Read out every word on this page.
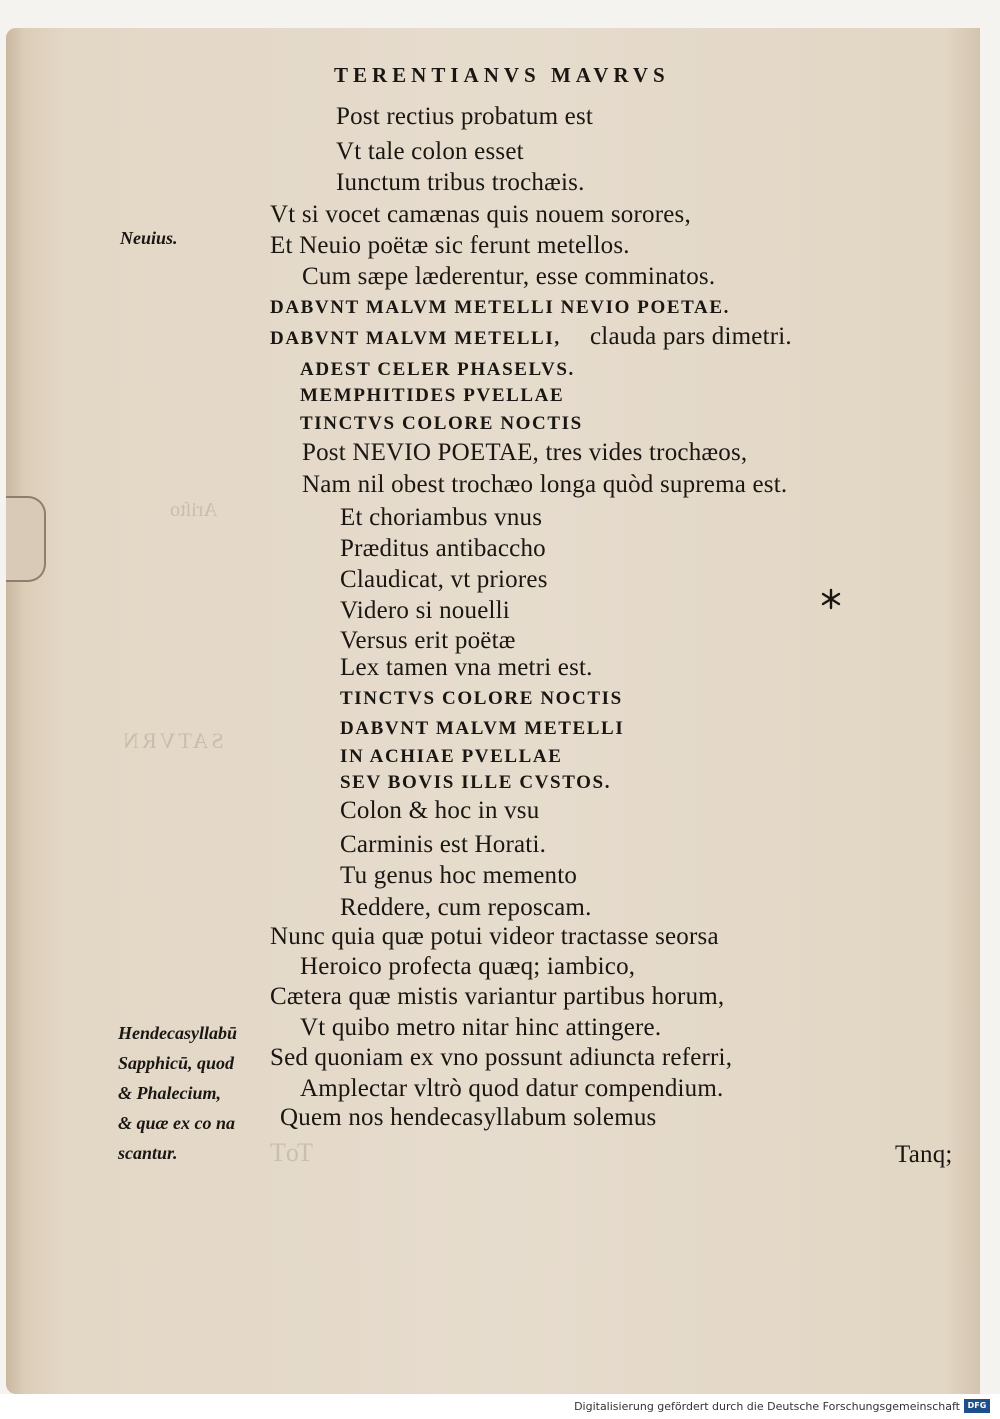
Ariſto
SATVRN
ToT
TERENTIANVS MAVRVS
Post rectius probatum est
Vt tale colon esset
Iunctum tribus trochæis.
Vt si vocet camænas quis nouem sorores,
Et Neuio poëtæ sic ferunt metellos.
Cum sæpe læderentur, esse comminatos.
DABVNT MALVM METELLI NEVIO POETAE.
DABVNT MALVM METELLI, clauda pars dimetri.
ADEST CELER PHASELVS.
MEMPHITIDES PVELLAE
TINCTVS COLORE NOCTIS
Post NEVIO POETAE, tres vides trochæos,
Nam nil obest trochæo longa quòd suprema est.
Et choriambus vnus
Præditus antibaccho
Claudicat, vt priores
Videro si nouelli
Versus erit poëtæ
Lex tamen vna metri est.
TINCTVS COLORE NOCTIS
DABVNT MALVM METELLI
IN ACHIAE PVELLAE
SEV BOVIS ILLE CVSTOS.
Colon & hoc in vsu
Carminis est Horati.
Tu genus hoc memento
Reddere, cum reposcam.
Nunc quia quæ potui videor tractasse seorsa
Heroico profecta quæq; iambico,
Cætera quæ mistis variantur partibus horum,
Vt quibo metro nitar hinc attingere.
Sed quoniam ex vno possunt adiuncta referri,
Amplectar vltrò quod datur compendium.
Quem nos hendecasyllabum solemus
Neuius.
Hendecasyllabū
Sapphicū, quod
& Phalecium,
& quæ ex co na
scantur.	Tanq;
Digitalisierung gefördert durch die Deutsche Forschungsgemeinschaft DFG
